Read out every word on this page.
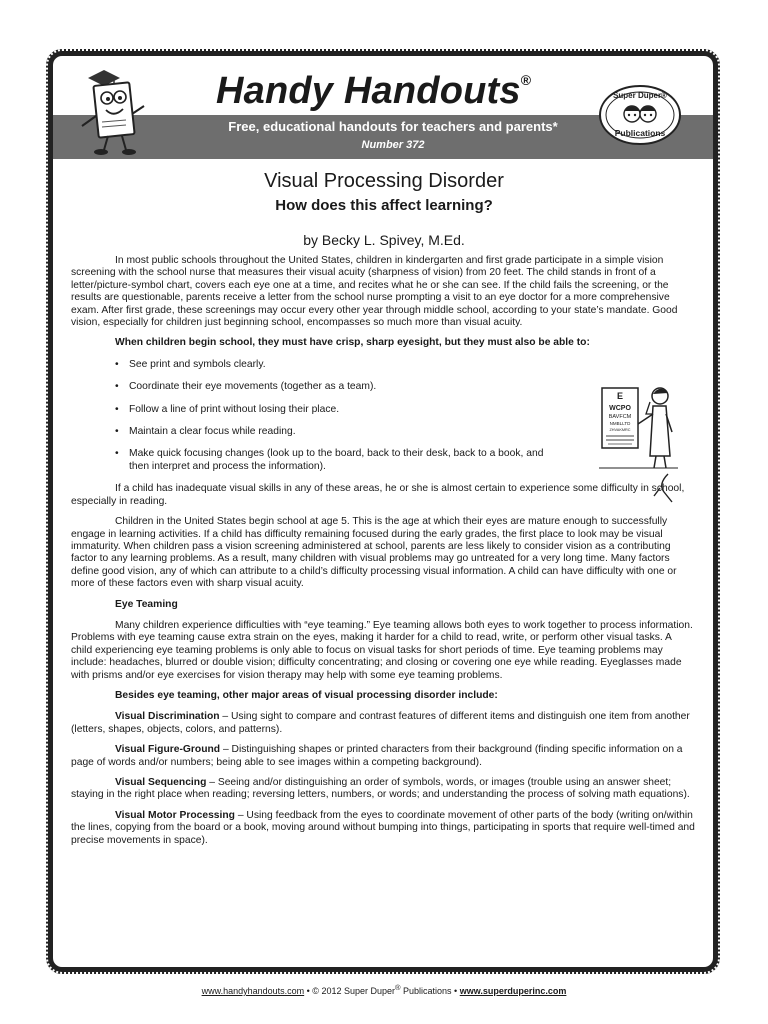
Free, educational handouts for teachers and parents*
Number 372
Handy Handouts®
Super Duper®
Publications
Visual Processing Disorder
How does this affect learning?
by Becky L. Spivey, M.Ed.

In most public schools throughout the United States, children in kindergarten and first grade participate in a simple vision screening with the school nurse that measures their visual acuity (sharpness of vision) from 20 feet. The child stands in front of a letter/picture-symbol chart, covers each eye one at a time, and recites what he or she can see. If the child fails the screening, or the results are questionable, parents receive a letter from the school nurse prompting a visit to an eye doctor for a more comprehensive exam. After first grade, these screenings may occur every other year through middle school, according to your state’s mandate. Good vision, especially for children just beginning school, encompasses so much more than visual acuity.

When children begin school, they must have crisp, sharp eyesight, but they must also be able to:

• See print and symbols clearly.
• Coordinate their eye movements (together as a team).
• Follow a line of print without losing their place.
• Maintain a clear focus while reading.
• Make quick focusing changes (look up to the board, back to their desk, back to a book, and then interpret and process the information).

If a child has inadequate visual skills in any of these areas, he or she is almost certain to experience some difficulty in school, especially in reading.

Children in the United States begin school at age 5. This is the age at which their eyes are mature enough to successfully engage in learning activities. If a child has difficulty remaining focused during the early grades, the first place to look may be visual immaturity. When children pass a vision screening administered at school, parents are less likely to consider vision as a contributing factor to any learning problems. As a result, many children with visual problems may go untreated for a very long time. Many factors define good vision, any of which can attribute to a child’s difficulty processing visual information. A child can have difficulty with one or more of these factors even with sharp visual acuity.

Eye Teaming

Many children experience difficulties with “eye teaming.” Eye teaming allows both eyes to work together to process information. Problems with eye teaming cause extra strain on the eyes, making it harder for a child to read, write, or perform other visual tasks. A child experiencing eye teaming problems is only able to focus on visual tasks for short periods of time. Eye teaming problems may include: headaches, blurred or double vision; difficulty concentrating; and closing or covering one eye while reading. Eyeglasses made with prisms and/or eye exercises for vision therapy may help with some eye teaming problems.

Besides eye teaming, other major areas of visual processing disorder include:

Visual Discrimination – Using sight to compare and contrast features of different items and distinguish one item from another (letters, shapes, objects, colors, and patterns).

Visual Figure-Ground – Distinguishing shapes or printed characters from their background (finding specific information on a page of words and/or numbers; being able to see images within a competing background).

Visual Sequencing – Seeing and/or distinguishing an order of symbols, words, or images (trouble using an answer sheet; staying in the right place when reading; reversing letters, numbers, or words; and understanding the process of solving math equations).

Visual Motor Processing – Using feedback from the eyes to coordinate movement of other parts of the body (writing on/within the lines, copying from the board or a book, moving around without bumping into things, participating in sports that require well-timed and precise movements in space).

E
WCPO
BAVFCM
NMBLLTD
ZHVAKMRC
www.handyhandouts.com • © 2012 Super Duper® Publications • www.superduperinc.com
